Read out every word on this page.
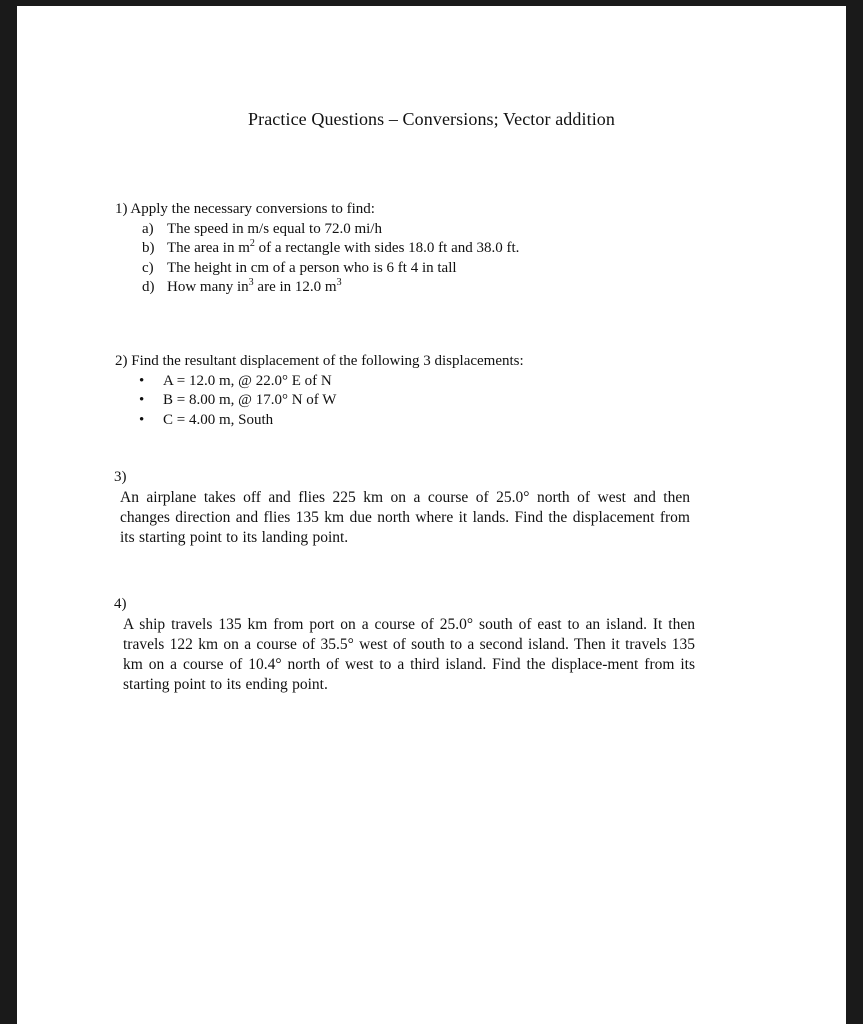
Practice Questions – Conversions; Vector addition
1) Apply the necessary conversions to find:
a) The speed in m/s equal to 72.0 mi/h
b) The area in $m^2$ of a rectangle with sides 18.0 ft and 38.0 ft.
c) The height in cm of a person who is 6 ft 4 in tall
d) How many $in^3$ are in 12.0 $m^3$
2) Find the resultant displacement of the following 3 displacements:
• A = 12.0 m, @ 22.0° E of N
• B = 8.00 m, @ 17.0° N of W
• C = 4.00 m, South
3)
An airplane takes off and flies 225 km on a course of 25.0° north of west and then changes direction and flies 135 km due north where it lands. Find the displacement from its starting point to its landing point.
4)
A ship travels 135 km from port on a course of 25.0° south of east to an island. It then travels 122 km on a course of 35.5° west of south to a second island. Then it travels 135 km on a course of 10.4° north of west to a third island. Find the displace-ment from its starting point to its ending point.
